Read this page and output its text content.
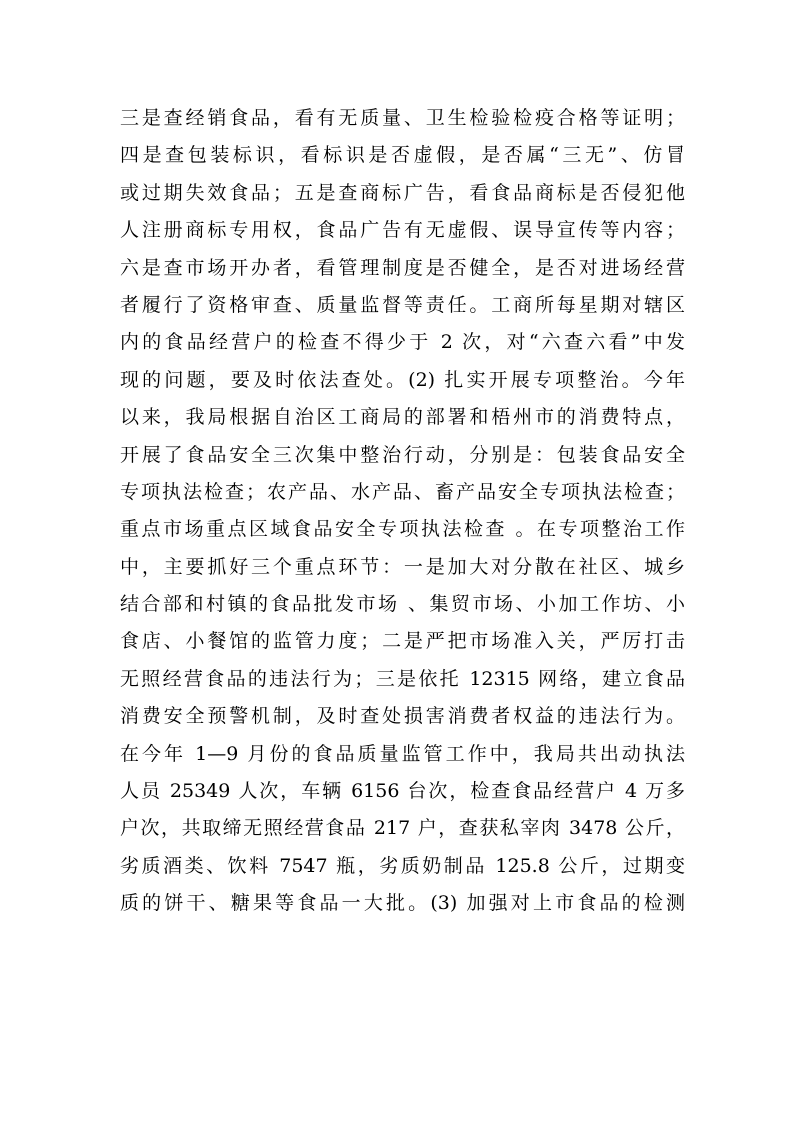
三是查经销食品，看有无质量、卫生检验检疫合格等证明；
四是查包装标识，看标识是否虚假，是否属“三无”、仿冒
或过期失效食品；五是查商标广告，看食品商标是否侵犯他
人注册商标专用权，食品广告有无虚假、误导宣传等内容；
六是查市场开办者，看管理制度是否健全，是否对进场经营
者履行了资格审查、质量监督等责任。工商所每星期对辖区
内的食品经营户的检查不得少于 2 次，对“六查六看”中发
现的问题，要及时依法查处。(2) 扎实开展专项整治。今年
以来，我局根据自治区工商局的部署和梧州市的消费特点，
开展了食品安全三次集中整治行动，分别是：包装食品安全
专项执法检查；农产品、水产品、畜产品安全专项执法检查；
重点市场重点区域食品安全专项执法检查 。在专项整治工作
中，主要抓好三个重点环节：一是加大对分散在社区、城乡
结合部和村镇的食品批发市场 、集贸市场、小加工作坊、小
食店、小餐馆的监管力度；二是严把市场准入关，严厉打击
无照经营食品的违法行为；三是依托 12315 网络，建立食品
消费安全预警机制，及时查处损害消费者权益的违法行为。
在今年 1—9 月份的食品质量监管工作中，我局共出动执法
人员 25349 人次，车辆 6156 台次，检查食品经营户 4 万多
户次，共取缔无照经营食品 217 户，查获私宰肉 3478 公斤，
劣质酒类、饮料 7547 瓶，劣质奶制品 125.8 公斤，过期变
质的饼干、糖果等食品一大批。(3) 加强对上市食品的检测
